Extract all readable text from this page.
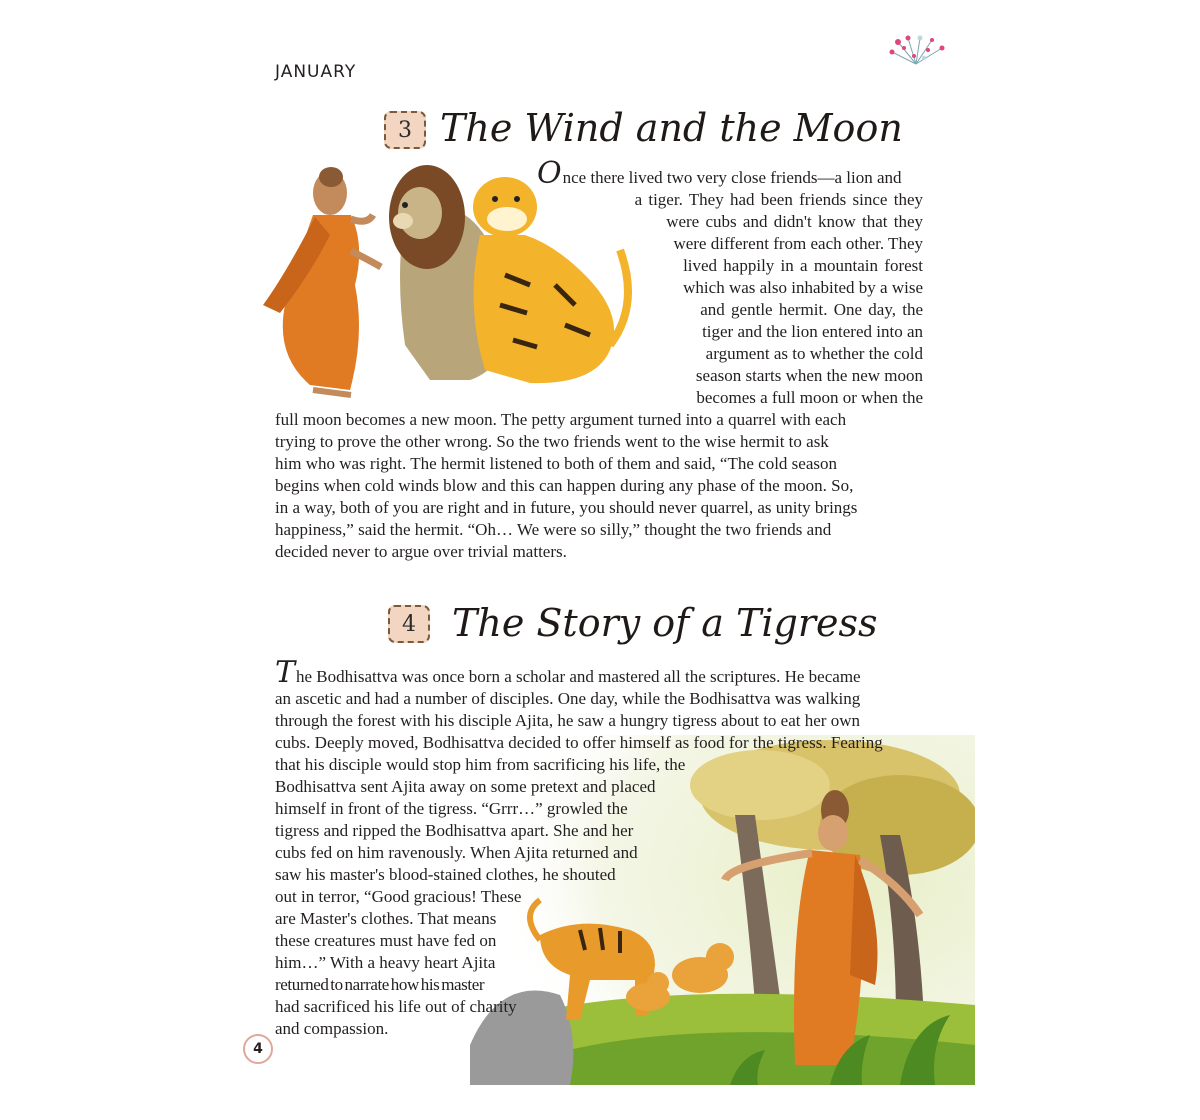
JANUARY
3 The Wind and the Moon
Once there lived two very close friends—a lion and
a tiger. They had been friends since they
were cubs and didn't know that they
were different from each other. They
lived happily in a mountain forest
which was also inhabited by a wise
and gentle hermit. One day, the
tiger and the lion entered into an
argument as to whether the cold
season starts when the new moon
becomes a full moon or when the
full moon becomes a new moon. The petty argument turned into a quarrel with each
trying to prove the other wrong. So the two friends went to the wise hermit to ask
him who was right. The hermit listened to both of them and said, “The cold season
begins when cold winds blow and this can happen during any phase of the moon. So,
in a way, both of you are right and in future, you should never quarrel, as unity brings
happiness,” said the hermit. “Oh… We were so silly,” thought the two friends and
decided never to argue over trivial matters.
4 The Story of a Tigress
The Bodhisattva was once born a scholar and mastered all the scriptures. He became
an ascetic and had a number of disciples. One day, while the Bodhisattva was walking
through the forest with his disciple Ajita, he saw a hungry tigress about to eat her own
cubs. Deeply moved, Bodhisattva decided to offer himself as food for the tigress. Fearing
that his disciple would stop him from sacrificing his life, the
Bodhisattva sent Ajita away on some pretext and placed
himself in front of the tigress. “Grrr…” growled the
tigress and ripped the Bodhisattva apart. She and her
cubs fed on him ravenously. When Ajita returned and
saw his master's blood-stained clothes, he shouted
out in terror, “Good gracious! These
are Master's clothes. That means
these creatures must have fed on
him…” With a heavy heart Ajita
returned to narrate how his master
had sacrificed his life out of charity
and compassion.
4
